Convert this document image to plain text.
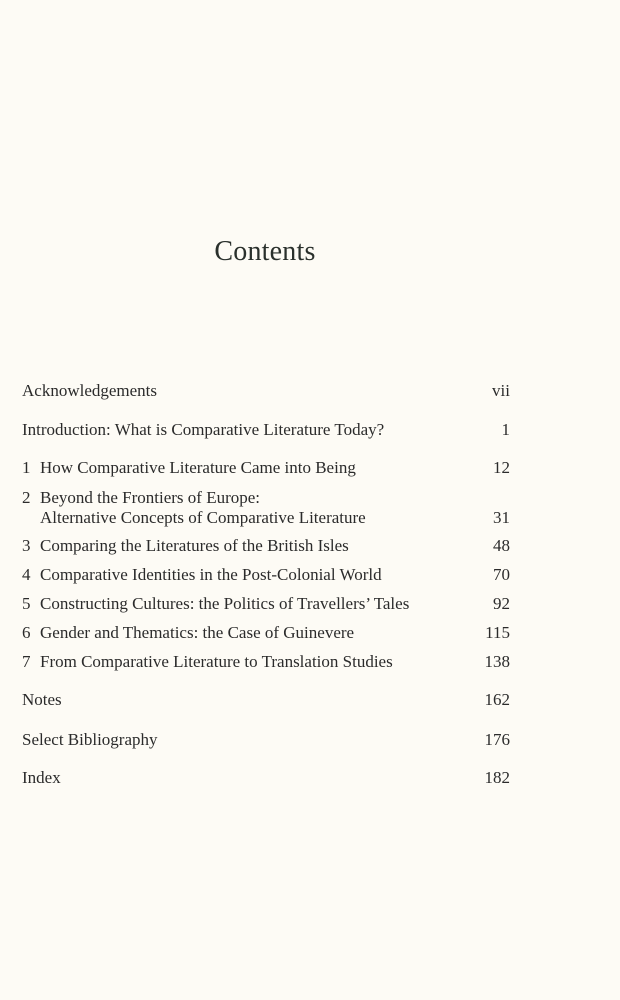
Contents
Acknowledgements	vii
Introduction: What is Comparative Literature Today?	1
1 How Comparative Literature Came into Being	12
2 Beyond the Frontiers of Europe:
Alternative Concepts of Comparative Literature	31
3 Comparing the Literatures of the British Isles	48
4 Comparative Identities in the Post-Colonial World	70
5 Constructing Cultures: the Politics of Travellers’ Tales	92
6 Gender and Thematics: the Case of Guinevere	115
7 From Comparative Literature to Translation Studies	138
Notes	162
Select Bibliography	176
Index	182
